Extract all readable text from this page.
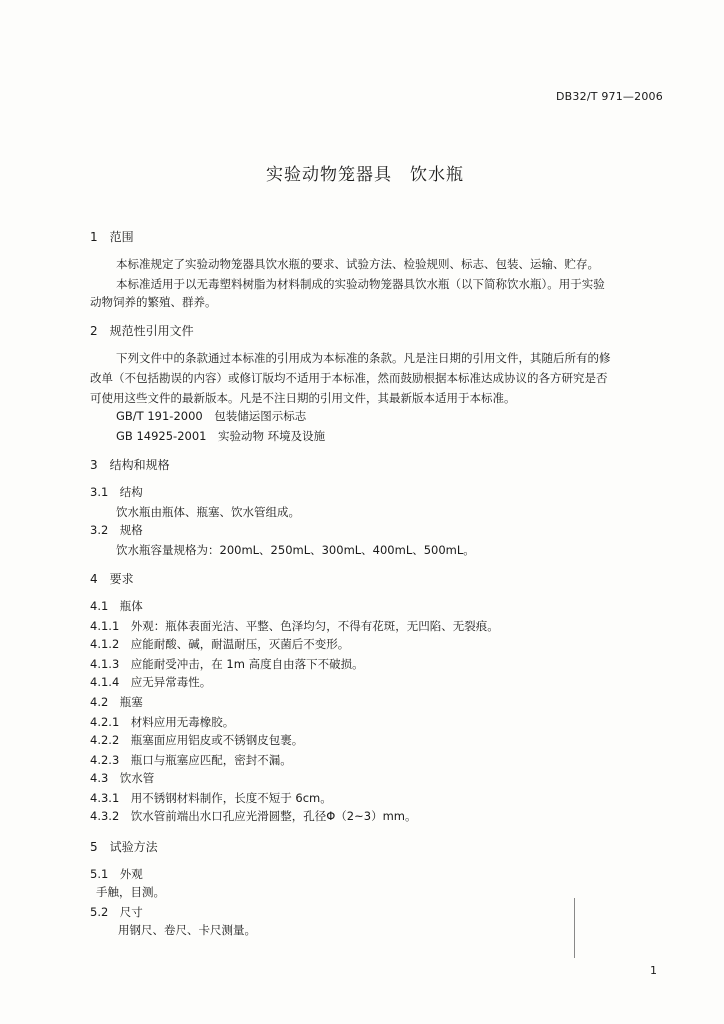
DB32/T 971—2006
实验动物笼器具　饮水瓶
1　范围
本标准规定了实验动物笼器具饮水瓶的要求、试验方法、检验规则、标志、包装、运输、贮存。
本标准适用于以无毒塑料树脂为材料制成的实验动物笼器具饮水瓶（以下简称饮水瓶）。用于实验
动物饲养的繁殖、群养。
2　规范性引用文件
下列文件中的条款通过本标准的引用成为本标准的条款。凡是注日期的引用文件，其随后所有的修
改单（不包括勘误的内容）或修订版均不适用于本标准，然而鼓励根据本标准达成协议的各方研究是否
可使用这些文件的最新版本。凡是不注日期的引用文件，其最新版本适用于本标准。
GB/T 191-2000　包装储运图示标志
GB 14925-2001　实验动物 环境及设施
3　结构和规格
3.1　结构
饮水瓶由瓶体、瓶塞、饮水管组成。
3.2　规格
饮水瓶容量规格为：200mL、250mL、300mL、400mL、500mL。
4　要求
4.1　瓶体
4.1.1　外观：瓶体表面光洁、平整、色泽均匀，不得有花斑，无凹陷、无裂痕。
4.1.2　应能耐酸、碱，耐温耐压，灭菌后不变形。
4.1.3　应能耐受冲击，在 1m 高度自由落下不破损。
4.1.4　应无异常毒性。
4.2　瓶塞
4.2.1　材料应用无毒橡胶。
4.2.2　瓶塞面应用铝皮或不锈钢皮包裹。
4.2.3　瓶口与瓶塞应匹配，密封不漏。
4.3　饮水管
4.3.1　用不锈钢材料制作，长度不短于 6cm。
4.3.2　饮水管前端出水口孔应光滑圆整，孔径Φ（2~3）mm。
5　试验方法
5.1　外观
手触，目测。
5.2　尺寸
用钢尺、卷尺、卡尺测量。
1
